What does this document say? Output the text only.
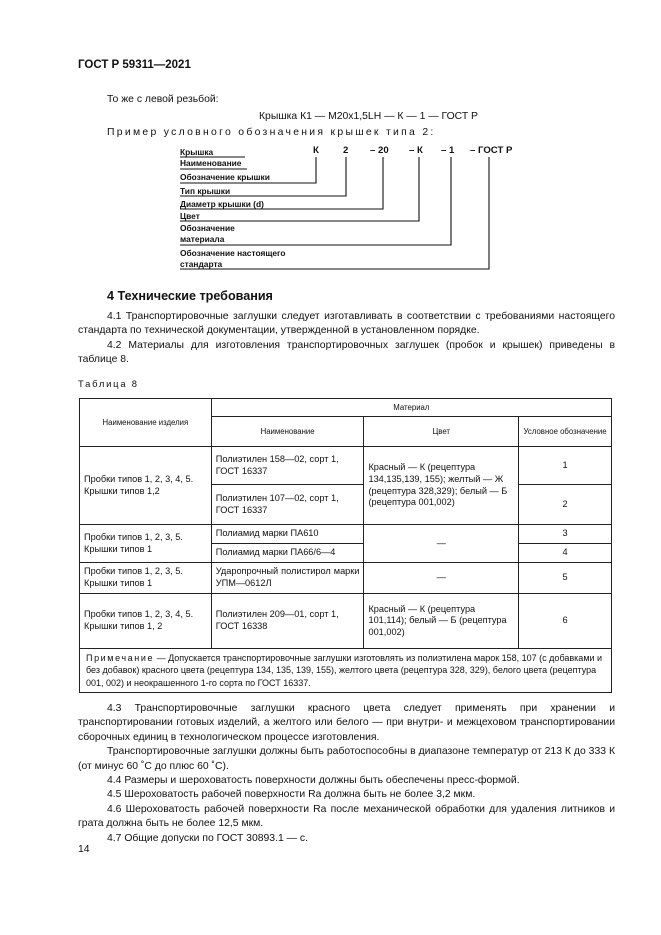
ГОСТ Р 59311—2021
То же с левой резьбой:
Крышка К1 — М20х1,5LH — К — 1 — ГОСТ Р
Пример условного обозначения крышек типа 2:
К	2 – 20 – К – 1 – ГОСТ Р
Крышка
Наименование
Обозначение крышки
Тип крышки
Диаметр крышки (d)
Цвет
Обозначение
материала
Обозначение настоящего
стандарта
4 Технические требования
4.1 Транспортировочные заглушки следует изготавливать в соответствии с требованиями настоящего стандарта по технической документации, утвержденной в установленном порядке.
4.2 Материалы для изготовления транспортировочных заглушек (пробок и крышек) приведены в таблице 8.
Таблица 8
Наименование изделия	Материал		
	Наименование	Цвет	Условное обозначение
Пробки типов 1, 2, 3, 4, 5. Крышки типов 1,2	Полиэтилен 158—02, сорт 1, ГОСТ 16337	Красный — К (рецептура 134,135,139, 155); желтый — Ж (рецептура 328,329); белый — Б (рецептура 001,002)	1
	Полиэтилен 107—02, сорт 1, ГОСТ 16337		2
Пробки типов 1, 2, 3, 5. Крышки типов 1	Полиамид марки ПА610	—	3
	Полиамид марки ПА66/6—4		4
Пробки типов 1, 2, 3, 5. Крышки типов 1	Ударопрочный полистирол марки УПМ—0612Л	—	5
Пробки типов 1, 2, 3, 4, 5. Крышки типов 1, 2	Полиэтилен 209—01, сорт 1, ГОСТ 16338	Красный — К (рецептура 101,114); белый — Б (рецептура 001,002)	6
Примечание — Допускается транспортировочные заглушки изготовлять из полиэтилена марок 158, 107 (с добавками и без добавок) красного цвета (рецептура 134, 135, 139, 155), желтого цвета (рецептура 328, 329), белого цвета (рецептура 001, 002) и неокрашенного 1-го сорта по ГОСТ 16337.			
4.3 Транспортировочные заглушки красного цвета следует применять при хранении и транспортировании готовых изделий, а желтого или белого — при внутри- и межцеховом транспортировании сборочных единиц в технологическом процессе изготовления.
Транспортировочные заглушки должны быть работоспособны в диапазоне температур от 213 К до 333 К (от минус 60 ˚С до плюс 60 ˚С).
4.4 Размеры и шероховатость поверхности должны быть обеспечены пресс-формой.
4.5 Шероховатость рабочей поверхности Ra должна быть не более 3,2 мкм.
4.6 Шероховатость рабочей поверхности Ra после механической обработки для удаления литников и грата должна быть не более 12,5 мкм.
4.7 Общие допуски по ГОСТ 30893.1 — с.
14
